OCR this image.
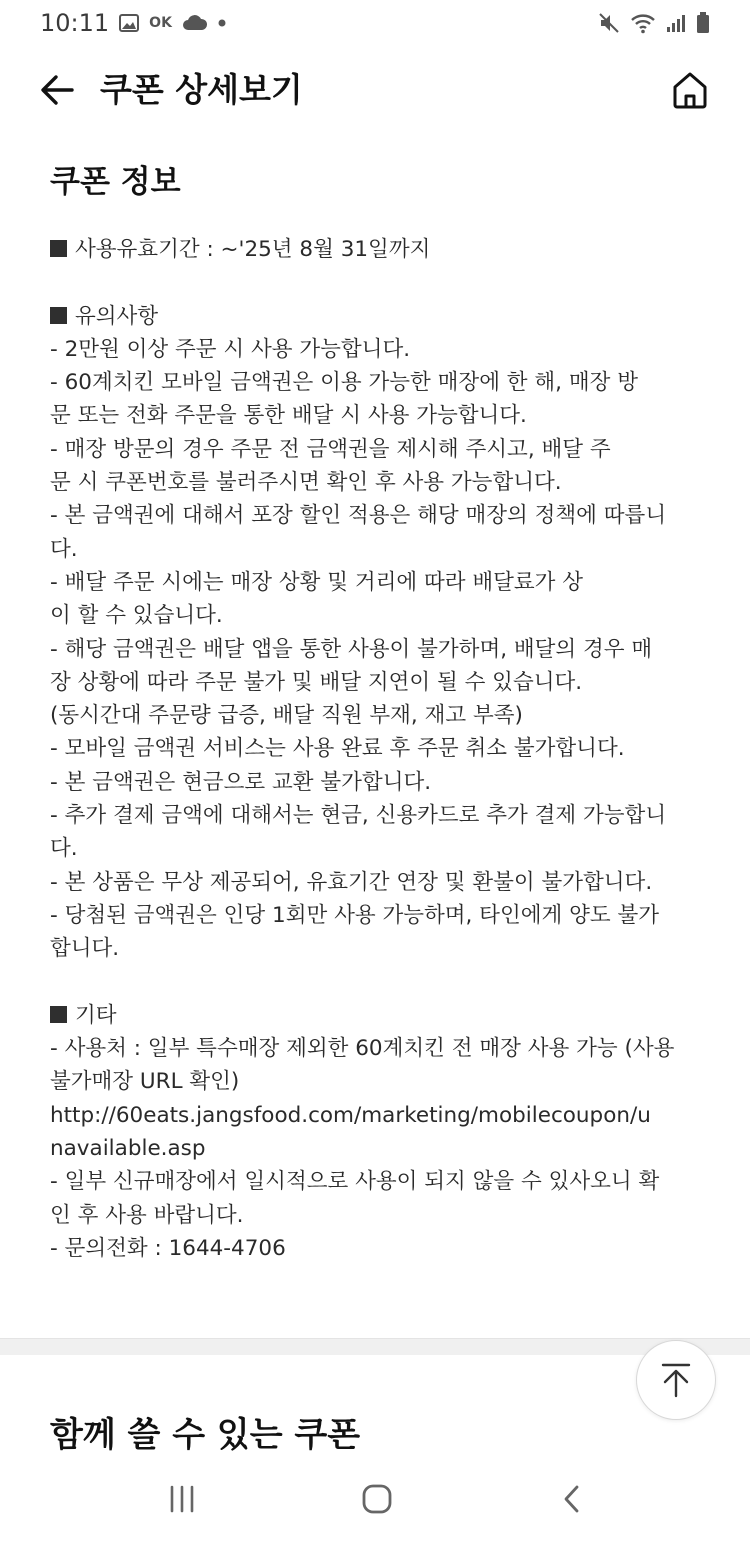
10:11	OK
쿠폰 상세보기
쿠폰 정보
사용유효기간 : ~'25년 8월 31일까지
유의사항
- 2만원 이상 주문 시 사용 가능합니다.
- 60계치킨 모바일 금액권은 이용 가능한 매장에 한 해, 매장 방
문 또는 전화 주문을 통한 배달 시 사용 가능합니다.
- 매장 방문의 경우 주문 전 금액권을 제시해 주시고, 배달 주
문 시 쿠폰번호를 불러주시면 확인 후 사용 가능합니다.
- 본 금액권에 대해서 포장 할인 적용은 해당 매장의 정책에 따릅니
다.
- 배달 주문 시에는 매장 상황 및 거리에 따라 배달료가 상
이 할 수 있습니다.
- 해당 금액권은 배달 앱을 통한 사용이 불가하며, 배달의 경우 매
장 상황에 따라 주문 불가 및 배달 지연이 될 수 있습니다.
(동시간대 주문량 급증, 배달 직원 부재, 재고 부족)
- 모바일 금액권 서비스는 사용 완료 후 주문 취소 불가합니다.
- 본 금액권은 현금으로 교환 불가합니다.
- 추가 결제 금액에 대해서는 현금, 신용카드로 추가 결제 가능합니
다.
- 본 상품은 무상 제공되어, 유효기간 연장 및 환불이 불가합니다.
- 당첨된 금액권은 인당 1회만 사용 가능하며, 타인에게 양도 불가
합니다.
기타
- 사용처 : 일부 특수매장 제외한 60계치킨 전 매장 사용 가능 (사용
불가매장 URL 확인)
http://60eats.jangsfood.com/marketing/mobilecoupon/u
navailable.asp
- 일부 신규매장에서 일시적으로 사용이 되지 않을 수 있사오니 확
인 후 사용 바랍니다.
- 문의전화 : 1644-4706
함께 쓸 수 있는 쿠폰
